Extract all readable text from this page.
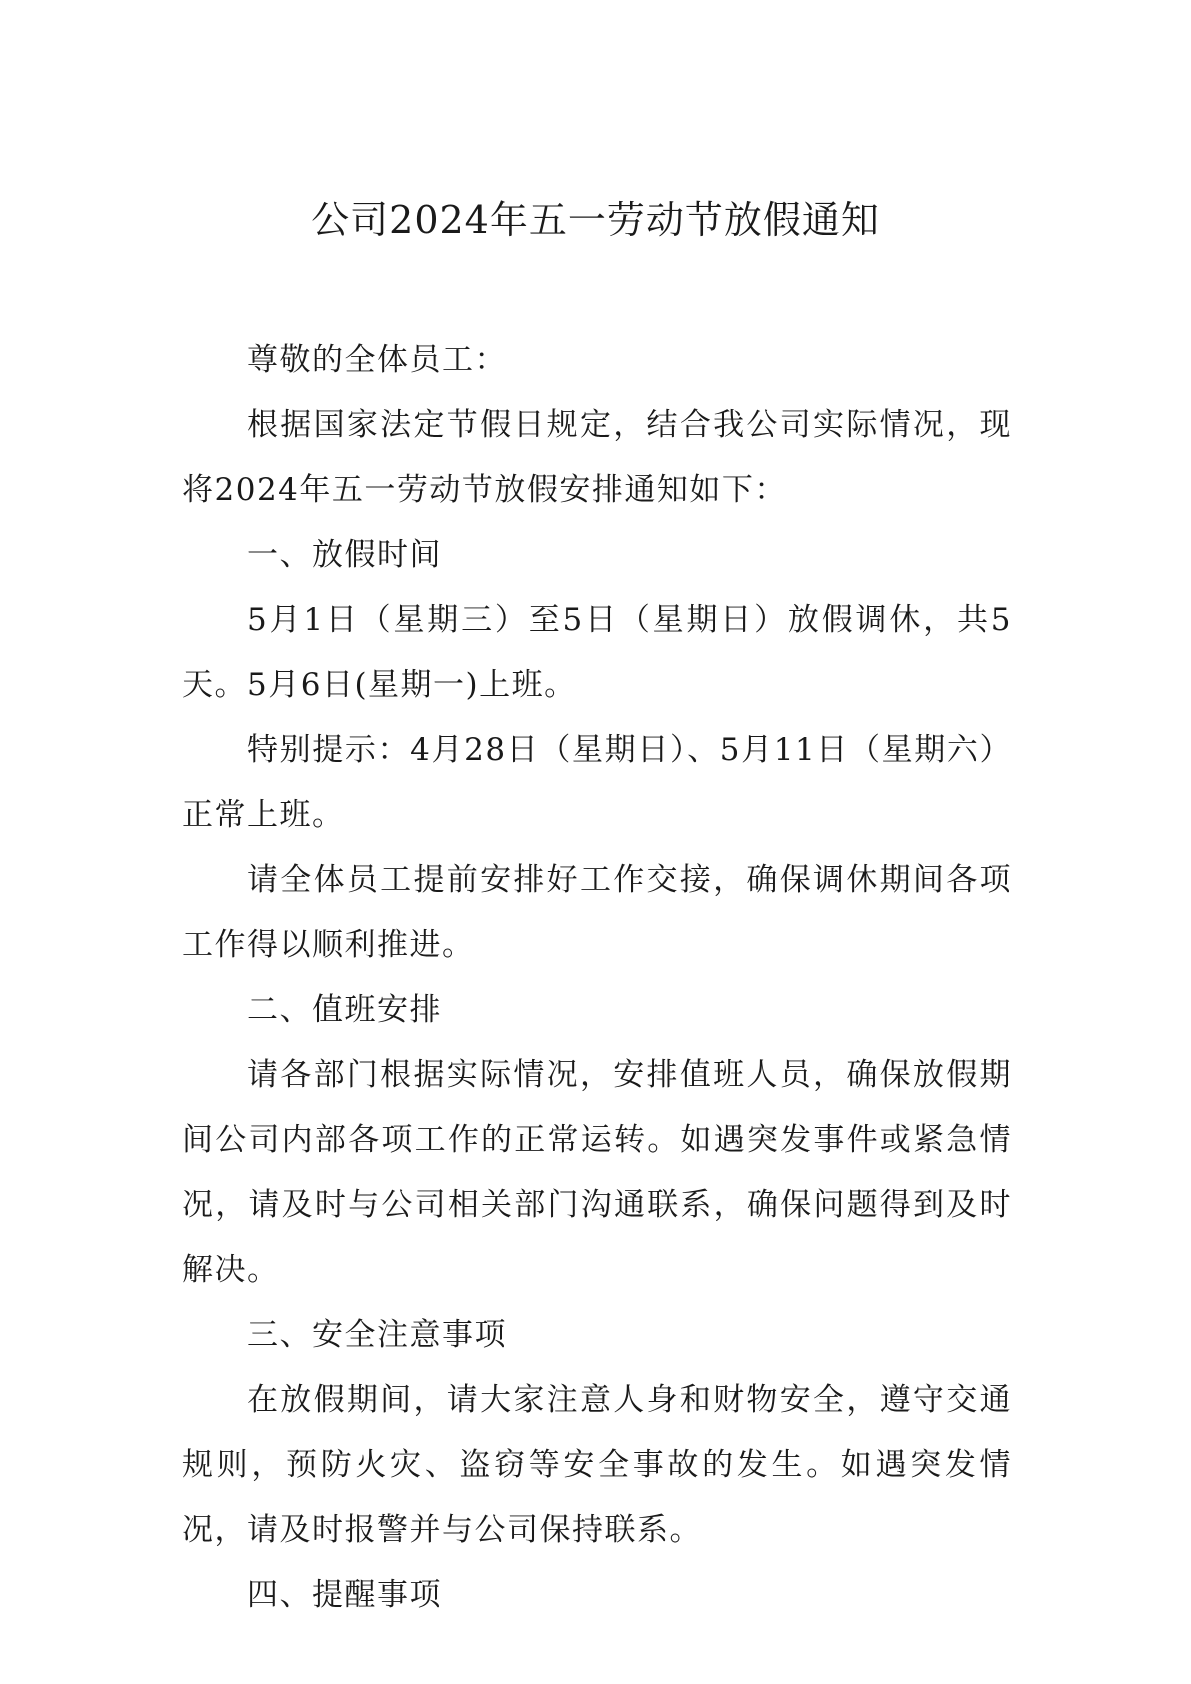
公司2024年五一劳动节放假通知

尊敬的全体员工：

根据国家法定节假日规定，结合我公司实际情况，现将2024年五一劳动节放假安排通知如下：

一、放假时间

5月1日（星期三）至5日（星期日）放假调休，共5天。5月6日(星期一)上班。

特别提示：4月28日（星期日）、5月11日（星期六）正常上班。

请全体员工提前安排好工作交接，确保调休期间各项工作得以顺利推进。

二、值班安排

请各部门根据实际情况，安排值班人员，确保放假期间公司内部各项工作的正常运转。如遇突发事件或紧急情况，请及时与公司相关部门沟通联系，确保问题得到及时解决。

三、安全注意事项

在放假期间，请大家注意人身和财物安全，遵守交通规则，预防火灾、盗窃等安全事故的发生。如遇突发情况，请及时报警并与公司保持联系。

四、提醒事项
